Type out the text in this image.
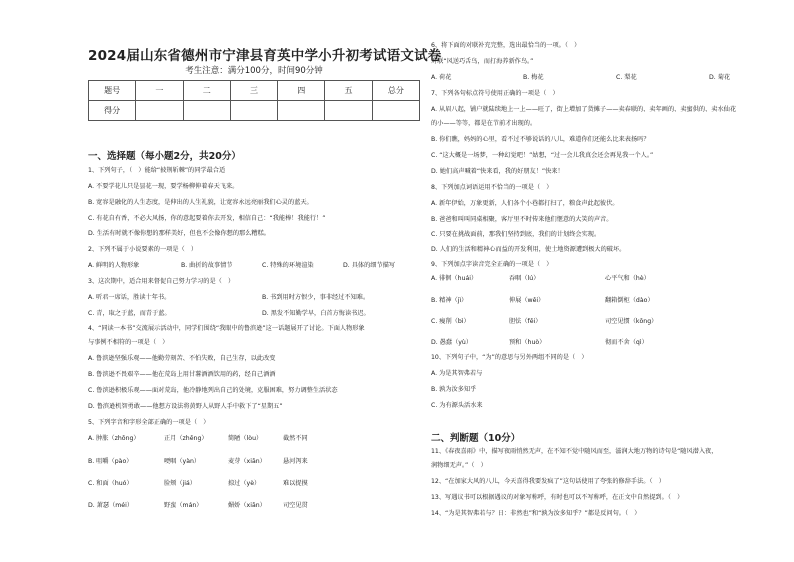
2024届山东省德州市宁津县育英中学小升初考试语文试卷
考生注意：满分100分，时间90分钟
题号	一	二	三	四	五	总分
得分						
一、选择题（每小题2分，共20分）
1、下列句子，（　）能给“披荆斩棘”的同学最合适
A. 不要学花儿只是昙花一现，要学杨柳伸着春天飞来。
B. 宽容是融化的人生态度，是伸出的人生礼貌，让宽容永远亮丽我们心灵的蓝天。
C. 有花自有香，不必大风扬，你的意起要着你去开发，相信自己：“我能棒！我能行！”
D. 生活有时就不像你想的那样美好，但也不会像你想的那么糟糕。
2、下列不属于小说要素的一项是（　）
A. 鲜明的人物形象	B. 曲折的故事情节	C. 特殊的环境渲染	D. 具体的细节描写
3、这次期中，适合用来督促自己努力学习的是（　）
A. 听君一席话，胜读十年书。	B. 书到用时方恨少，事非经过不知难。
C. 青，取之于蓝，而青于蓝。	D. 黑发不知勤学早，白首方悔读书迟。
4、“同读一本书”交流展示活动中，同学们围绕“我眼中的鲁滨逊”这一话题展开了讨论。下面人物形象
与事例不相符的一项是（　）
A. 鲁滨逊坚强乐观——他勤劳刻苦、不怕失败，自己生存，以此改变
B. 鲁滨逊不畏艰辛——他在荒岛上用甘薯酒酒饮用的药，经自己酒酒
C. 鲁滨逊积极乐观——面对荒岛，他冷静地列出自己的处境，克服困难，努力调整生活状态
D. 鲁滨逊机智勇敢——他想方设法将黄野人从野人手中救下了“星期五”
5、下列字音和字形全部正确的一项是（　）
A. 肿胀（zhōng）	正月（zhēng）	简陋（lòu）	截然不同
B. 咀嚼（pào）	哽咽（yàn）	麦芽（xiān）	悬河泻来
C. 和面（huó）	脸颊（jiá）	掠过（yè）	难以捉摸
D. 萧瑟（méi）	野蛮（mán）	媚娇（xiān）	司空见贯
6、将下面的对联补充完整，选出最恰当的一项。（　）
对联“风送巧舌鸟，而打海养新作鸟。”
A. 荷花	B. 梅花	C. 梨花	D. 菊花
7、下列各句标点符号使用正确的一项是（　）
A. 从眉八起，铺户就陆续地上一上——旺了，街上增加了货摊子——卖春联的、卖年画的、卖蜜供的、卖水仙花
的小——等等，都是在节前才出现的。
B. 你们瞧，妈妈的心里，看不过不够说话的八儿，难道你们还能么比来表扬吗？
C. “这大概是一场梦，一种幻觉吧！”姑想，“过一会儿我真会还会再见我一个人。”
D. 她们高声喊着“快来看，我的好朋友！”快来！
8、下列加点词语运用不恰当的一项是（　）
A. 新年伊始，万象更新，人们各个小巷都打扫了，粮食声此起彼伏。
B. 爸爸和叫叫同桌相聚，客厅里不时传来他们惬意的大笑的声音。
C. 只要在挑战面前，那我们坚持到底，我们的计划终会实现。
D. 人们的生活和精神心而益的开发利用，使土地资源遭到极大的破坏。
9、下列加点字读音完全正确的一项是（　）
A. 徘徊（huái）	吞咽（lú）	心平气和（hè）
B. 精神（jì）	伸展（wěi）	翻箱倒柜（dào）
C. 瘦削（bì）	胆怯（fēi）	司空见惯（kōng）
D. 愚蠢（yù）	预和（huò）	彻而不舍（qì）
10、下列句子中，“为”的意思与另外两组不同的是（　）
A. 为是其智弗若与
B. 孰为汝多知乎
C. 为有源头活水来
二、判断题（10分）
11、《春夜喜雨》中，描写夜雨悄然无声，在不知不觉中随风而至，滋润大地万物的诗句是“随风潜入夜，
润物细无声。”（　）
12、“在加家大风的八儿，今天喜得我要发疯了”这句话使用了夸张的修辞手法。（　）
13、写遇议书可以根据遇议的对象写称呼，有时也可以不写称呼，在正文中自然提到。（　）
14、“为是其智弗若与？日：非然也”和“孰为汝多知乎？”都是反问句。（　）
